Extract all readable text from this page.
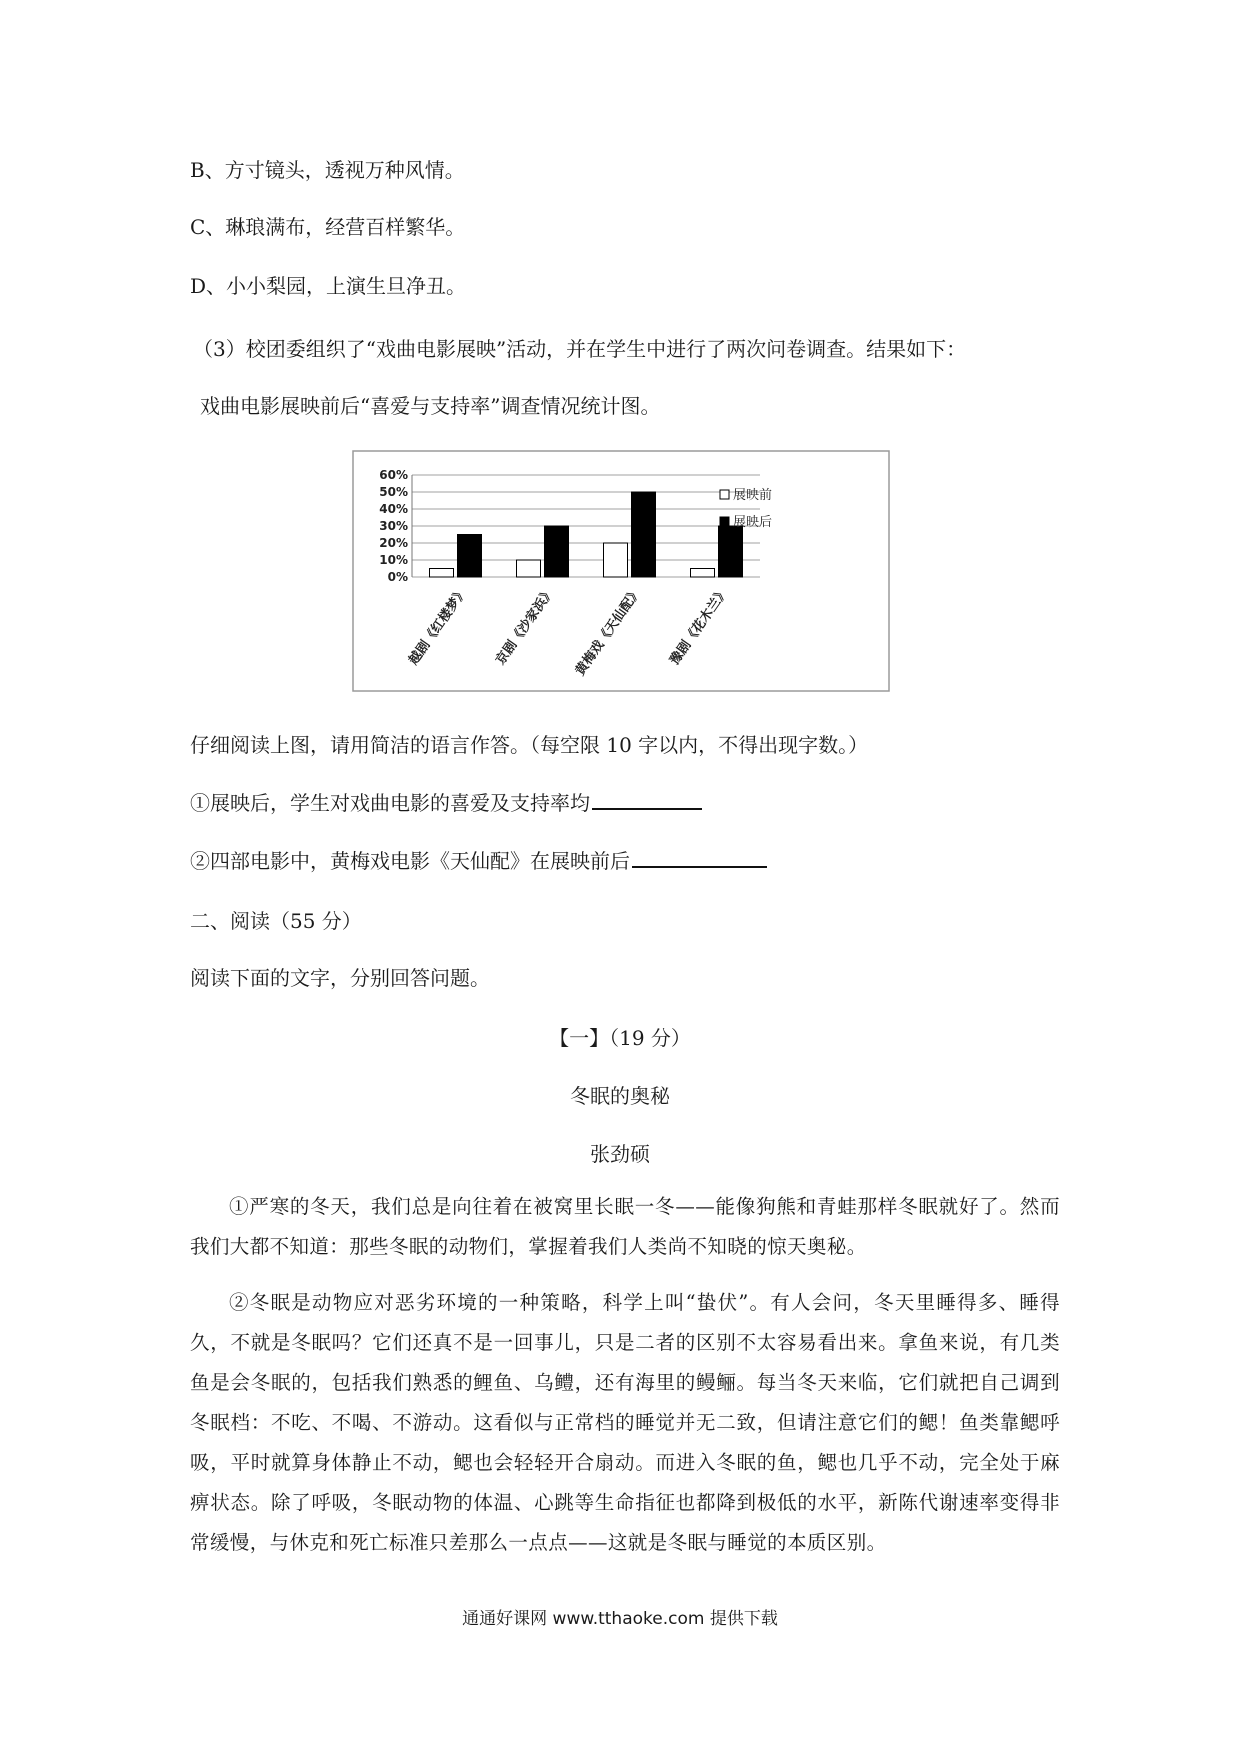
B、方寸镜头，透视万种风情。
C、琳琅满布，经营百样繁华。
D、小小梨园，上演生旦净丑。
（3）校团委组织了“戏曲电影展映”活动，并在学生中进行了两次问卷调查。结果如下：
戏曲电影展映前后“喜爱与支持率”调查情况统计图。
0%
10%
20%
30%
40%
50%
60%
越剧《红楼梦》 京剧《沙家浜》 黄梅戏《天仙配》 豫剧《花木兰》
展映前
展映后
仔细阅读上图，请用简洁的语言作答。（每空限 10 字以内，不得出现字数。）
①展映后，学生对戏曲电影的喜爱及支持率均
②四部电影中，黄梅戏电影《天仙配》在展映前后
二、阅读（55 分）
阅读下面的文字，分别回答问题。
【一】（19 分）
冬眠的奥秘
张劲硕

①严寒的冬天，我们总是向往着在被窝里长眠一冬——能像狗熊和青蛙那样冬眠就好了。然而我们大都不知道：那些冬眠的动物们，掌握着我们人类尚不知晓的惊天奥秘。

②冬眠是动物应对恶劣环境的一种策略，科学上叫“蛰伏”。有人会问，冬天里睡得多、睡得久，不就是冬眠吗？它们还真不是一回事儿，只是二者的区别不太容易看出来。拿鱼来说，有几类鱼是会冬眠的，包括我们熟悉的鲤鱼、乌鳢，还有海里的鳗鲡。每当冬天来临，它们就把自己调到冬眠档：不吃、不喝、不游动。这看似与正常档的睡觉并无二致，但请注意它们的鳃！鱼类靠鳃呼吸，平时就算身体静止不动，鳃也会轻轻开合扇动。而进入冬眠的鱼，鳃也几乎不动，完全处于麻痹状态。除了呼吸，冬眠动物的体温、心跳等生命指征也都降到极低的水平，新陈代谢速率变得非常缓慢，与休克和死亡标准只差那么一点点——这就是冬眠与睡觉的本质区别。

通通好课网 www.tthaoke.com 提供下载
